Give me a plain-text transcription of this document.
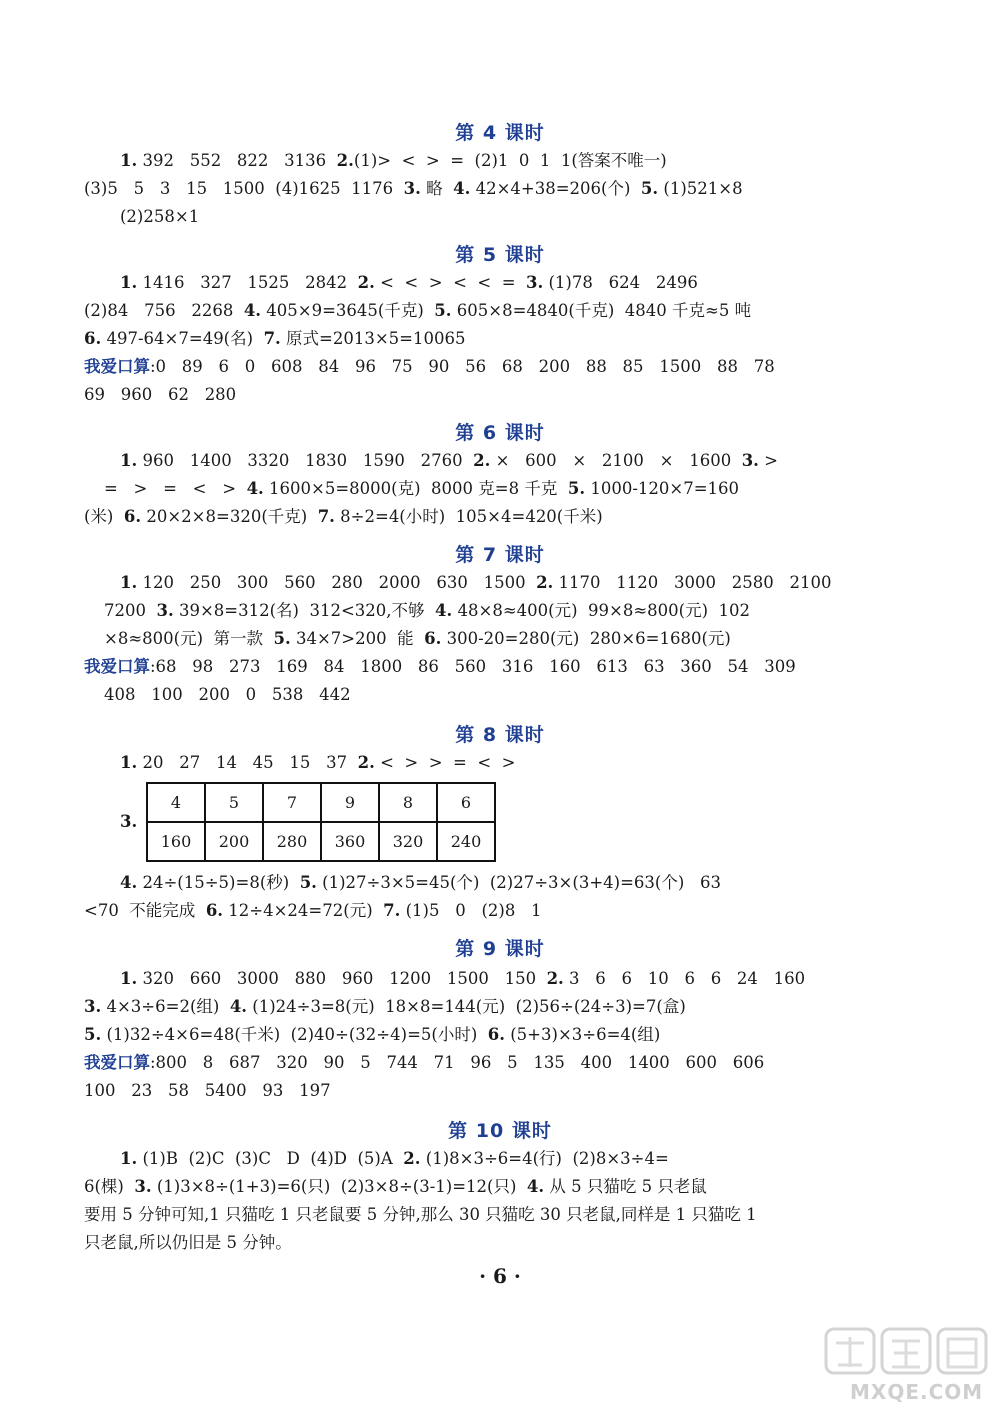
第 4 课时
1. 392   552   822   3136  2.(1)>  <  >  =  (2)1  0  1  1(答案不唯一)
(3)5   5   3   15   1500  (4)1625  1176  3. 略  4. 42×4+38=206(个)  5. (1)521×8
(2)258×1
第 5 课时
1. 1416   327   1525   2842  2. <  <  >  <  <  =  3. (1)78   624   2496
(2)84   756   2268  4. 405×9=3645(千克)  5. 605×8=4840(千克)  4840 千克≈5 吨
6. 497-64×7=49(名)  7. 原式=2013×5=10065
我爱口算:0   89   6   0   608   84   96   75   90   56   68   200   88   85   1500   88   78
69   960   62   280
第 6 课时
1. 960   1400   3320   1830   1590   2760  2. ×   600   ×   2100   ×   1600  3. >
=   >   =   <   >  4. 1600×5=8000(克)  8000 克=8 千克  5. 1000-120×7=160
(米)  6. 20×2×8=320(千克)  7. 8÷2=4(小时)  105×4=420(千米)
第 7 课时
1. 120   250   300   560   280   2000   630   1500  2. 1170   1120   3000   2580   2100
7200  3. 39×8=312(名)  312<320,不够  4. 48×8≈400(元)  99×8≈800(元)  102
×8≈800(元)  第一款  5. 34×7>200  能  6. 300-20=280(元)  280×6=1680(元)
我爱口算:68   98   273   169   84   1800   86   560   316   160   613   63   360   54   309
408   100   200   0   538   442
第 8 课时
1. 20   27   14   45   15   37  2. <  >  >  =  <  >
3.
4	5	7	9	8	6
160	200	280	360	320	240
4. 24÷(15÷5)=8(秒)  5. (1)27÷3×5=45(个)  (2)27÷3×(3+4)=63(个)   63
<70  不能完成  6. 12÷4×24=72(元)  7. (1)5   0   (2)8   1
第 9 课时
1. 320   660   3000   880   960   1200   1500   150  2. 3   6   6   10   6   6   24   160
3. 4×3÷6=2(组)  4. (1)24÷3=8(元)  18×8=144(元)  (2)56÷(24÷3)=7(盒)
5. (1)32÷4×6=48(千米)  (2)40÷(32÷4)=5(小时)  6. (5+3)×3÷6=4(组)
我爱口算:800   8   687   320   90   5   744   71   96   5   135   400   1400   600   606
100   23   58   5400   93   197
第 10 课时
1. (1)B  (2)C  (3)C   D  (4)D  (5)A  2. (1)8×3÷6=4(行)  (2)8×3÷4=
6(棵)  3. (1)3×8÷(1+3)=6(只)  (2)3×8÷(3-1)=12(只)  4. 从 5 只猫吃 5 只老鼠
要用 5 分钟可知,1 只猫吃 1 只老鼠要 5 分钟,那么 30 只猫吃 30 只老鼠,同样是 1 只猫吃 1
只老鼠,所以仍旧是 5 分钟。
· 6 ·
MXQE.COM
